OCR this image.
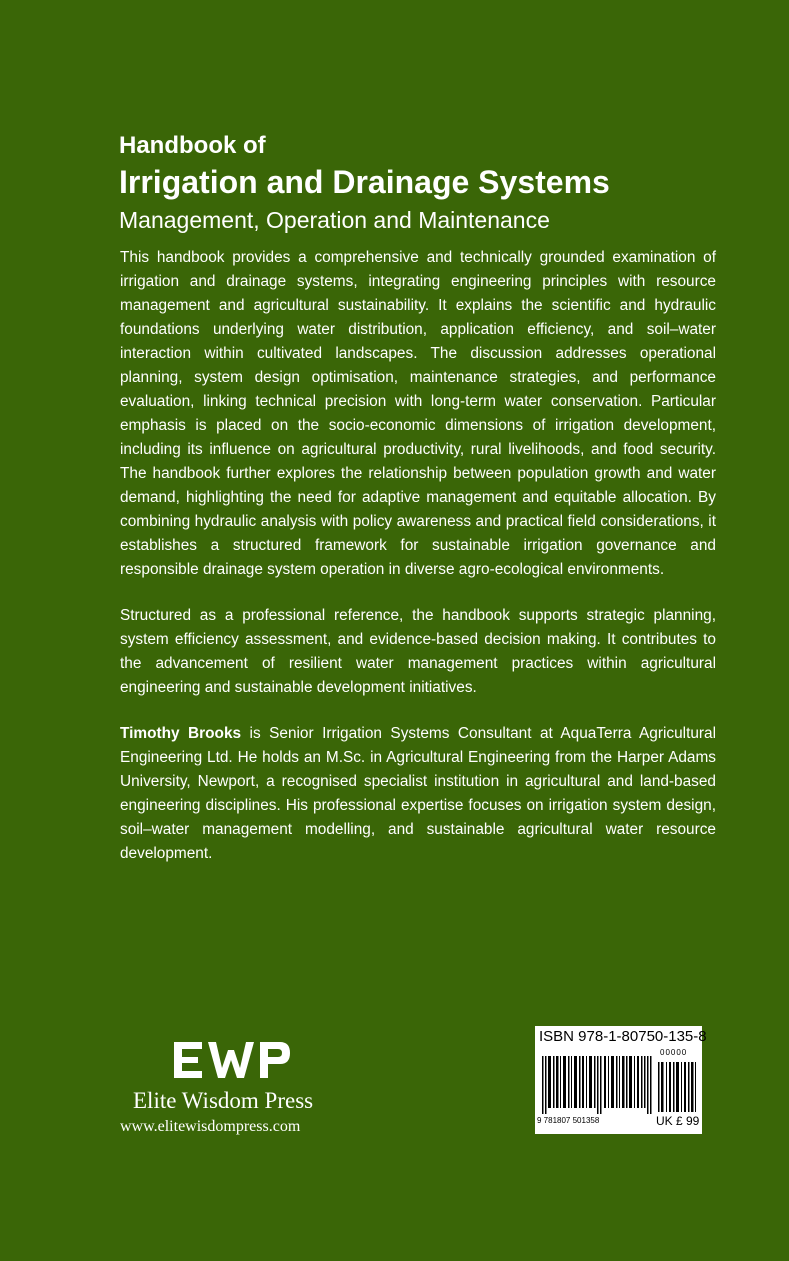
Handbook of
Irrigation and Drainage Systems
Management, Operation and Maintenance

This handbook provides a comprehensive and technically grounded examination of irrigation and drainage systems, integrating engineering principles with resource management and agricultural sustainability. It explains the scientific and hydraulic foundations underlying water distribution, application efficiency, and soil–water interaction within cultivated landscapes. The discussion addresses operational planning, system design optimisation, maintenance strategies, and performance evaluation, linking technical precision with long-term water conservation. Particular emphasis is placed on the socio-economic dimensions of irrigation development, including its influence on agricultural productivity, rural livelihoods, and food security. The handbook further explores the relationship between population growth and water demand, highlighting the need for adaptive management and equitable allocation. By combining hydraulic analysis with policy awareness and practical field considerations, it establishes a structured framework for sustainable irrigation governance and responsible drainage system operation in diverse agro-ecological environments.

Structured as a professional reference, the handbook supports strategic planning, system efficiency assessment, and evidence-based decision making. It contributes to the advancement of resilient water management practices within agricultural engineering and sustainable development initiatives.

Timothy Brooks is Senior Irrigation Systems Consultant at AquaTerra Agricultural Engineering Ltd. He holds an M.Sc. in Agricultural Engineering from the Harper Adams University, Newport, a recognised specialist institution in agricultural and land-based engineering disciplines. His professional expertise focuses on irrigation system design, soil–water management modelling, and sustainable agricultural water resource development.

Elite Wisdom Press
www.elitewisdompress.com
ISBN 978-1-80750-135-8
00000
9 781807 501358	UK £ 99
